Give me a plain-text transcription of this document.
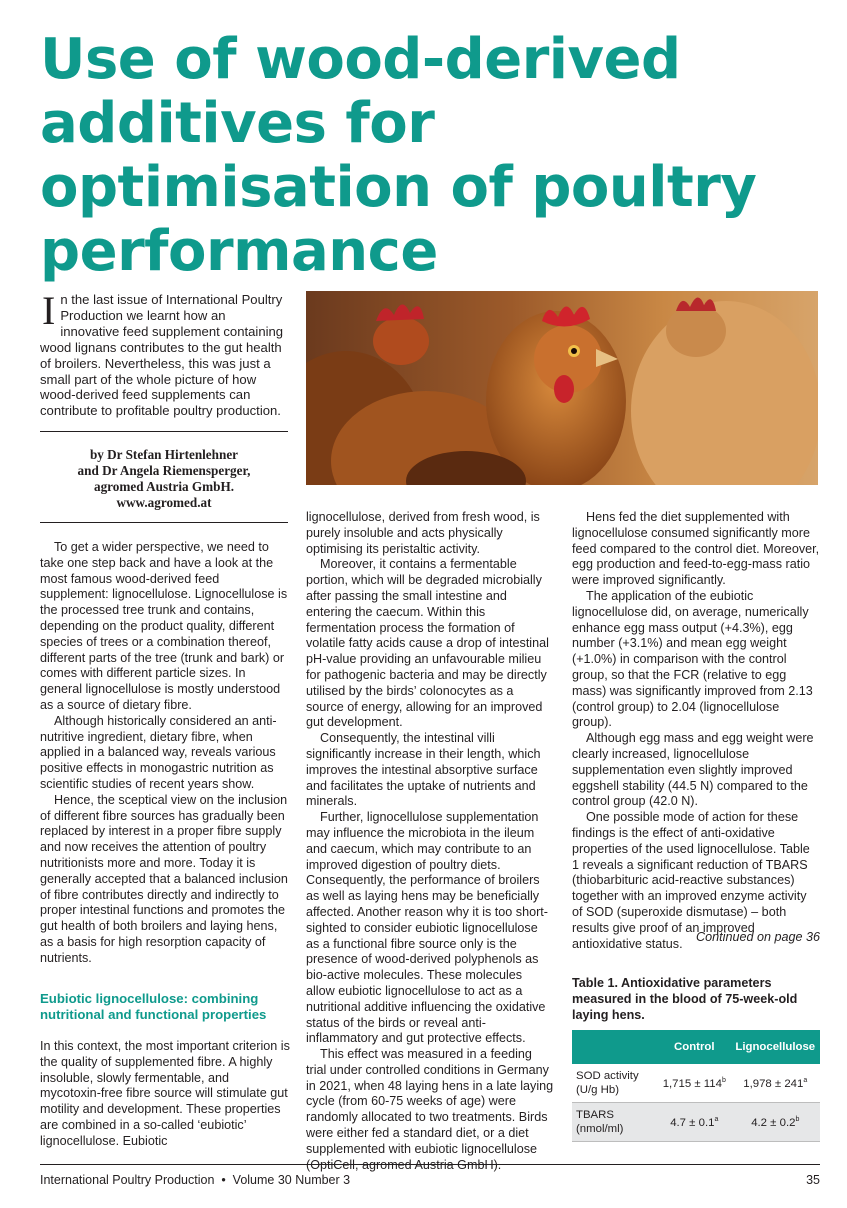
Use of wood-derived additives for optimisation of poultry performance
In the last issue of International Poultry Production we learnt how an innovative feed supplement containing wood lignans contributes to the gut health of broilers. Nevertheless, this was just a small part of the whole picture of how wood-derived feed supplements can contribute to profitable poultry production.
by Dr Stefan Hirtenlehner
and Dr Angela Riemensperger,
agromed Austria GmbH.
www.agromed.at

To get a wider perspective, we need to take one step back and have a look at the most famous wood-derived feed supplement: lignocellulose. Lignocellulose is the processed tree trunk and contains, depending on the product quality, different species of trees or a combination thereof, different parts of the tree (trunk and bark) or comes with different particle sizes. In general lignocellulose is mostly understood as a source of dietary fibre.

Although historically considered an anti-nutritive ingredient, dietary fibre, when applied in a balanced way, reveals various positive effects in monogastric nutrition as scientific studies of recent years show.

Hence, the sceptical view on the inclusion of different fibre sources has gradually been replaced by interest in a proper fibre supply and now receives the attention of poultry nutritionists more and more. Today it is generally accepted that a balanced inclusion of fibre contributes directly and indirectly to proper intestinal functions and promotes the gut health of both broilers and laying hens, as a basis for high resorption capacity of nutrients.

Eubiotic lignocellulose: combining nutritional and functional properties

In this context, the most important criterion is the quality of supplemented fibre. A highly insoluble, slowly fermentable, and mycotoxin-free fibre source will stimulate gut motility and development. These properties are combined in a so-called ‘eubiotic’ lignocellulose. Eubiotic

lignocellulose, derived from fresh wood, is purely insoluble and acts physically optimising its peristaltic activity.

Moreover, it contains a fermentable portion, which will be degraded microbially after passing the small intestine and entering the caecum. Within this fermentation process the formation of volatile fatty acids cause a drop of intestinal pH-value providing an unfavourable milieu for pathogenic bacteria and may be directly utilised by the birds’ colonocytes as a source of energy, allowing for an improved gut development.

Consequently, the intestinal villi significantly increase in their length, which improves the intestinal absorptive surface and facilitates the uptake of nutrients and minerals.

Further, lignocellulose supplementation may influence the microbiota in the ileum and caecum, which may contribute to an improved digestion of poultry diets. Consequently, the performance of broilers as well as laying hens may be beneficially affected. Another reason why it is too short-sighted to consider eubiotic lignocellulose as a functional fibre source only is the presence of wood-derived polyphenols as bio-active molecules. These molecules allow eubiotic lignocellulose to act as a nutritional additive influencing the oxidative status of the birds or reveal anti-inflammatory and gut protective effects.

This effect was measured in a feeding trial under controlled conditions in Germany in 2021, when 48 laying hens in a late laying cycle (from 60-75 weeks of age) were randomly allocated to two treatments. Birds were either fed a standard diet, or a diet supplemented with eubiotic lignocellulose (OptiCell, agromed Austria GmbH).

Hens fed the diet supplemented with lignocellulose consumed significantly more feed compared to the control diet. Moreover, egg production and feed-to-egg-mass ratio were improved significantly.

The application of the eubiotic lignocellulose did, on average, numerically enhance egg mass output (+4.3%), egg number (+3.1%) and mean egg weight (+1.0%) in comparison with the control group, so that the FCR (relative to egg mass) was significantly improved from 2.13 (control group) to 2.04 (lignocellulose group).

Although egg mass and egg weight were clearly increased, lignocellulose supplementation even slightly improved eggshell stability (44.5 N) compared to the control group (42.0 N).

One possible mode of action for these findings is the effect of anti-oxidative properties of the used lignocellulose. Table 1 reveals a significant reduction of TBARS (thiobarbituric acid-reactive substances) together with an improved enzyme activity of SOD (superoxide dismutase) – both results give proof of an improved antioxidative status.	Continued on page 36
Table 1. Antioxidative parameters measured in the blood of 75-week-old laying hens.
	Control	Lignocellulose
SOD activity (U/g Hb)	$1,715 \pm 114^b$	$1,978 \pm 241^a$
TBARS (nmol/ml)	4.7 ± 0.1$^a$	4.2 ± 0.2$^b$
International Poultry Production  •  Volume 30 Number 3	35
